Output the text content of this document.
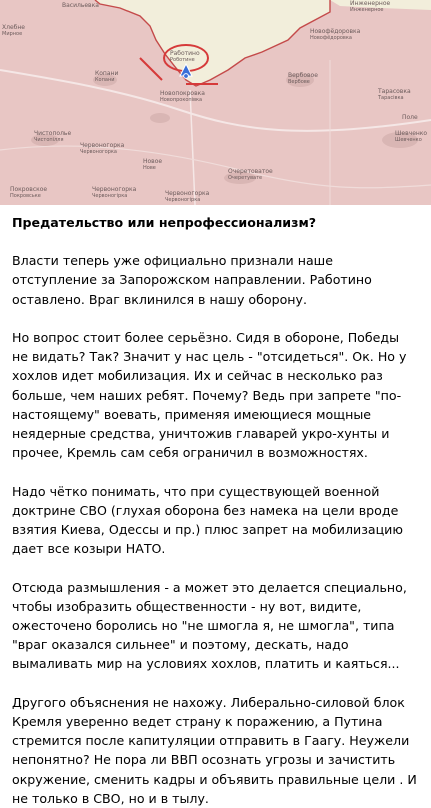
Васильевка	Инженерное
Инженерное
Новофёдоровка
Новофёдоровка
Хлебне
Мирное
Копани
Копани
Работино
Роботине
Новопокровка
Новопрокопівка
Вербовое
Вербове
Тарасовка
Тарасівка
Поле
Чистополье
Чистопілля
Червоногорка
Червоногорка
Новое
Нове	Очеретоватое
Очеретувате
Шевченко
Шевченко
Покровское
Покровське
Червоногорка
Червоногірка	Червоногорка
Червоногірка
Предательство или непрофессионализм?

Власти теперь уже официально признали наше отступление за Запорожском направлении. Работино оставлено. Враг вклинился в нашу оборону.

Но вопрос стоит более серьёзно. Сидя в обороне, Победы не видать? Так? Значит у нас цель - "отсидеться". Ок. Но у хохлов идет мобилизация. Их и сейчас в несколько раз больше, чем наших ребят. Почему? Ведь при запрете "по-настоящему" воевать, применяя имеющиеся мощные неядерные средства, уничтожив главарей укро-хунты и прочее, Кремль сам себя ограничил в возможностях.

Надо чётко понимать, что при существующей военной доктрине СВО (глухая оборона без намека на цели вроде взятия Киева, Одессы и пр.) плюс запрет на мобилизацию дает все козыри НАТО.

Отсюда размышления - а может это делается специально, чтобы изобразить общественности - ну вот, видите, ожесточено боролись но "не шмогла я, не шмогла", типа "враг оказался сильнее" и поэтому, дескать, надо вымаливать мир на условиях хохлов, платить и каяться...

Другого объяснения не нахожу. Либерально-силовой блок Кремля уверенно ведет страну к поражению, а Путина стремится после капитуляции отправить в Гаагу. Неужели непонятно? Не пора ли ВВП осознать угрозы и зачистить окружение, сменить кадры и объявить правильные цели . И не только в СВО, но и в тылу.
